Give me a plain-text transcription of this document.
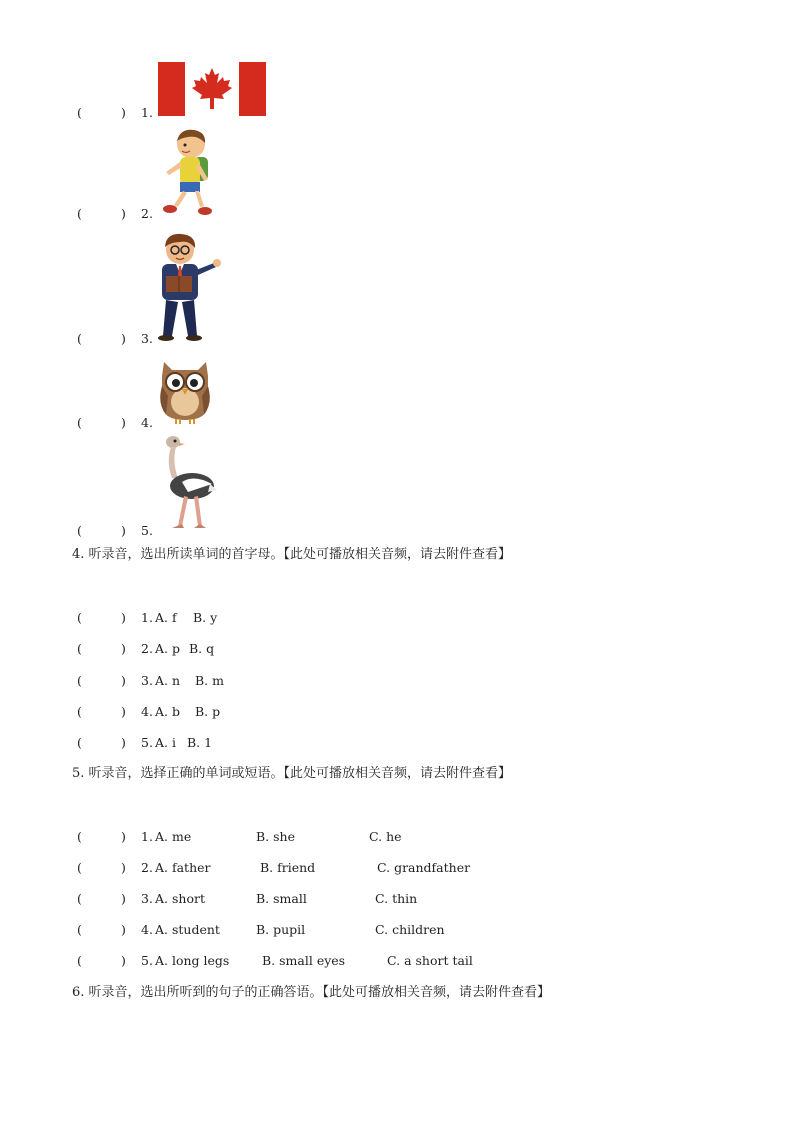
(	) 1.
(	) 2.
(	) 3.
(	) 4.
(	) 5.
4. 听录音，选出所读单词的首字母。【此处可播放相关音频，请去附件查看】
(	) 1. A. f B. y
(	) 2. A. p B. q
(	) 3. A. n B. m
(	) 4. A. b B. p
(	) 5. A. i B. 1
5. 听录音，选择正确的单词或短语。【此处可播放相关音频，请去附件查看】
(	) 1. A. me	B. she	C. he
(	) 2. A. father	B. friend	C. grandfather
(	) 3. A. short	B. small	C. thin
(	) 4. A. student	B. pupil	C. children
(	) 5. A. long legs	B. small eyes	C. a short tail
6. 听录音，选出所听到的句子的正确答语。【此处可播放相关音频，请去附件查看】
